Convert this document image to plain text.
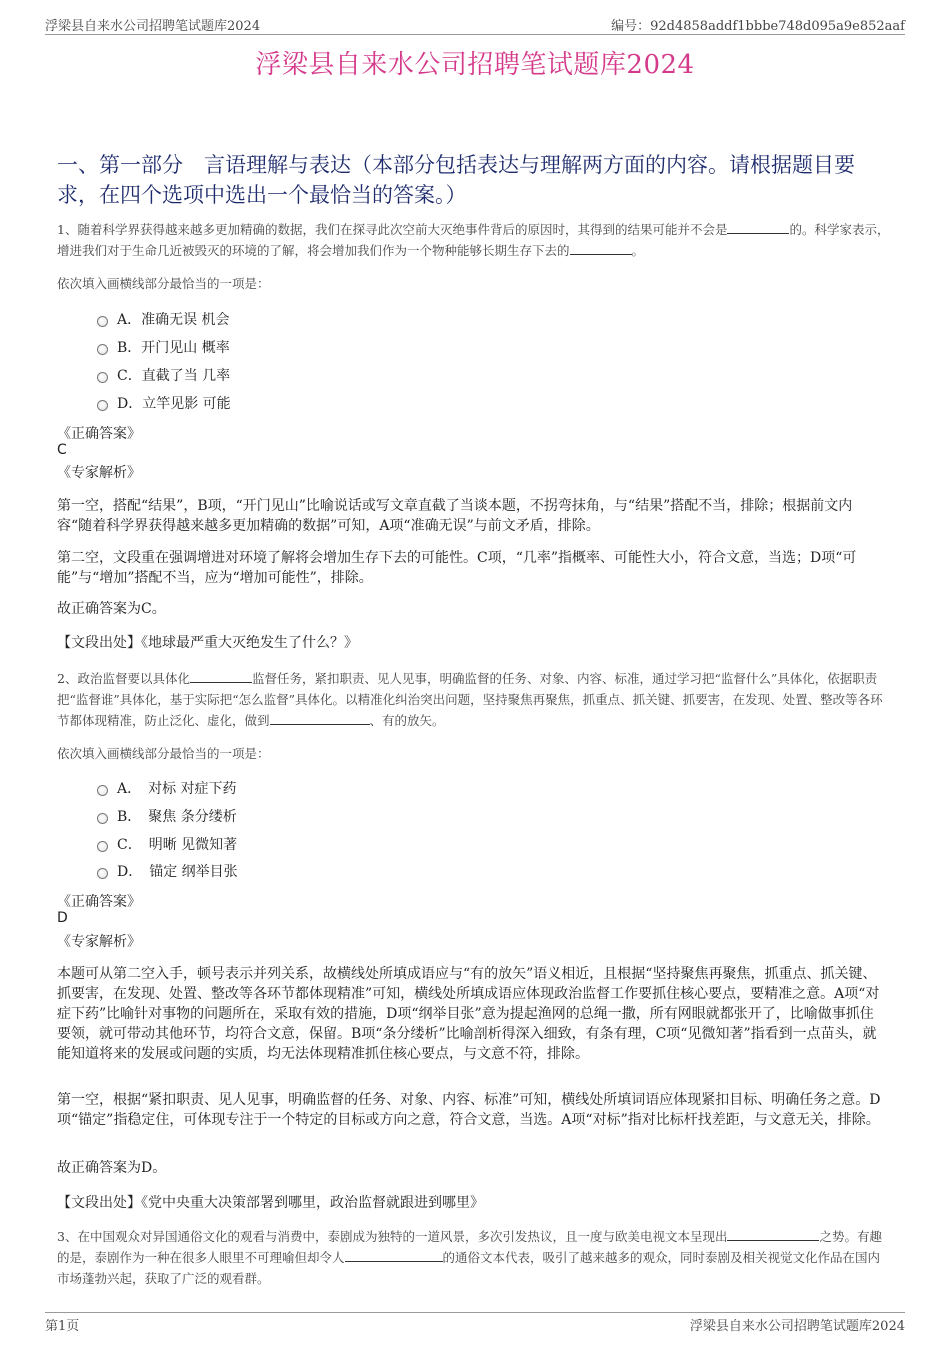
浮梁县自来水公司招聘笔试题库2024	编号：92d4858addf1bbbe748d095a9e852aaf
浮梁县自来水公司招聘笔试题库2024
一、第一部分　言语理解与表达（本部分包括表达与理解两方面的内容。请根据题目要求，在四个选项中选出一个最恰当的答案。）
1、随着科学界获得越来越多更加精确的数据，我们在探寻此次空前大灭绝事件背后的原因时，其得到的结果可能并不会是	的。科学家表示，增进我们对于生命几近被毁灭的环境的了解，将会增加我们作为一个物种能够长期生存下去的	。
依次填入画横线部分最恰当的一项是：
A．准确无误 机会
B．开门见山 概率
C．直截了当 几率
D．立竿见影 可能
《正确答案》
C
《专家解析》
第一空，搭配“结果”，B项，“开门见山”比喻说话或写文章直截了当谈本题，不拐弯抹角，与“结果”搭配不当，排除；根据前文内容“随着科学界获得越来越多更加精确的数据”可知，A项“准确无误”与前文矛盾，排除。
第二空，文段重在强调增进对环境了解将会增加生存下去的可能性。C项，“几率”指概率、可能性大小，符合文意，当选；D项“可能”与“增加”搭配不当，应为“增加可能性”，排除。
故正确答案为C。
【文段出处】《地球最严重大灭绝发生了什么？》
2、政治监督要以具体化	监督任务，紧扣职责、见人见事，明确监督的任务、对象、内容、标准，通过学习把“监督什么”具体化，依据职责把“监督谁”具体化，基于实际把“怎么监督”具体化。以精准化纠治突出问题，坚持聚焦再聚焦，抓重点、抓关键、抓要害，在发现、处置、整改等各环节都体现精准，防止泛化、虚化，做到	、有的放矢。
依次填入画横线部分最恰当的一项是：
A．　对标 对症下药
B．　聚焦 条分缕析
C．　明晰 见微知著
D．　锚定 纲举目张
《正确答案》
D
《专家解析》
本题可从第二空入手，顿号表示并列关系，故横线处所填成语应与“有的放矢”语义相近，且根据“坚持聚焦再聚焦，抓重点、抓关键、抓要害，在发现、处置、整改等各环节都体现精准”可知，横线处所填成语应体现政治监督工作要抓住核心要点，要精准之意。A项“对症下药”比喻针对事物的问题所在，采取有效的措施，D项“纲举目张”意为提起渔网的总绳一撒，所有网眼就都张开了，比喻做事抓住要领，就可带动其他环节，均符合文意，保留。B项“条分缕析”比喻剖析得深入细致，有条有理，C项“见微知著”指看到一点苗头，就能知道将来的发展或问题的实质，均无法体现精准抓住核心要点，与文意不符，排除。
第一空，根据“紧扣职责、见人见事，明确监督的任务、对象、内容、标准”可知，横线处所填词语应体现紧扣目标、明确任务之意。D项“锚定”指稳定住，可体现专注于一个特定的目标或方向之意，符合文意，当选。A项“对标”指对比标杆找差距，与文意无关，排除。
故正确答案为D。
【文段出处】《党中央重大决策部署到哪里，政治监督就跟进到哪里》
3、在中国观众对异国通俗文化的观看与消费中，泰剧成为独特的一道风景，多次引发热议，且一度与欧美电视文本呈现出	之势。有趣的是，泰剧作为一种在很多人眼里不可理喻但却令人	的通俗文本代表，吸引了越来越多的观众，同时泰剧及相关视觉文化作品在国内市场蓬勃兴起，获取了广泛的观看群。
第1页	浮梁县自来水公司招聘笔试题库2024
